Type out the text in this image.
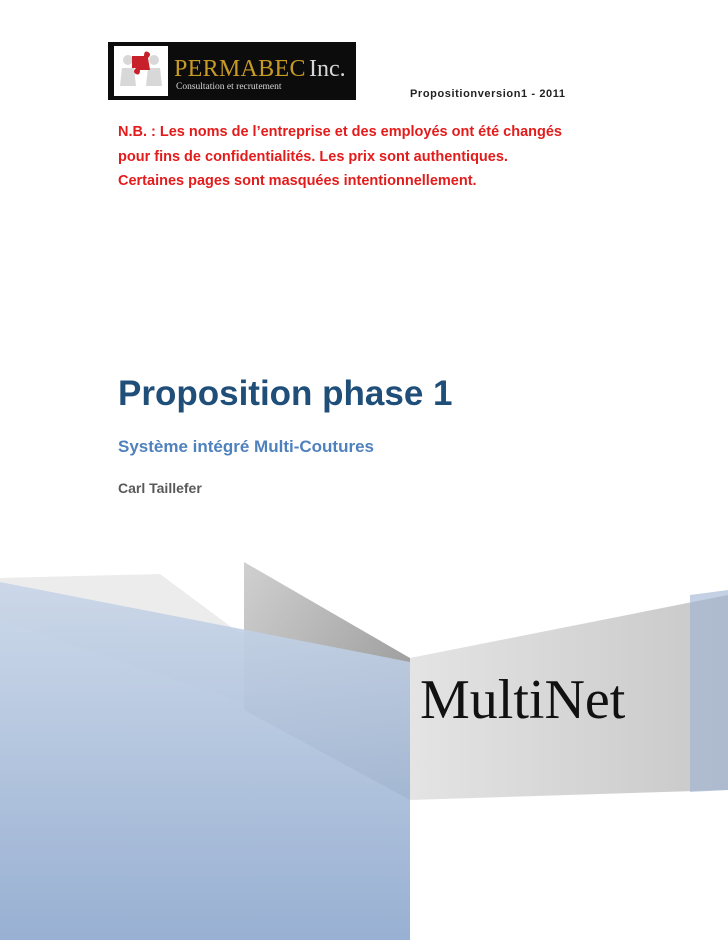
PERMABEC Inc.
Consultation et recrutement
Propositionversion1 - 2011
N.B. : Les noms de l’entreprise et des employés ont été changés pour fins de confidentialités. Les prix sont authentiques. Certaines pages sont masquées intentionnellement.
Proposition phase 1
Système intégré Multi-Coutures
Carl Taillefer
MultiNet
